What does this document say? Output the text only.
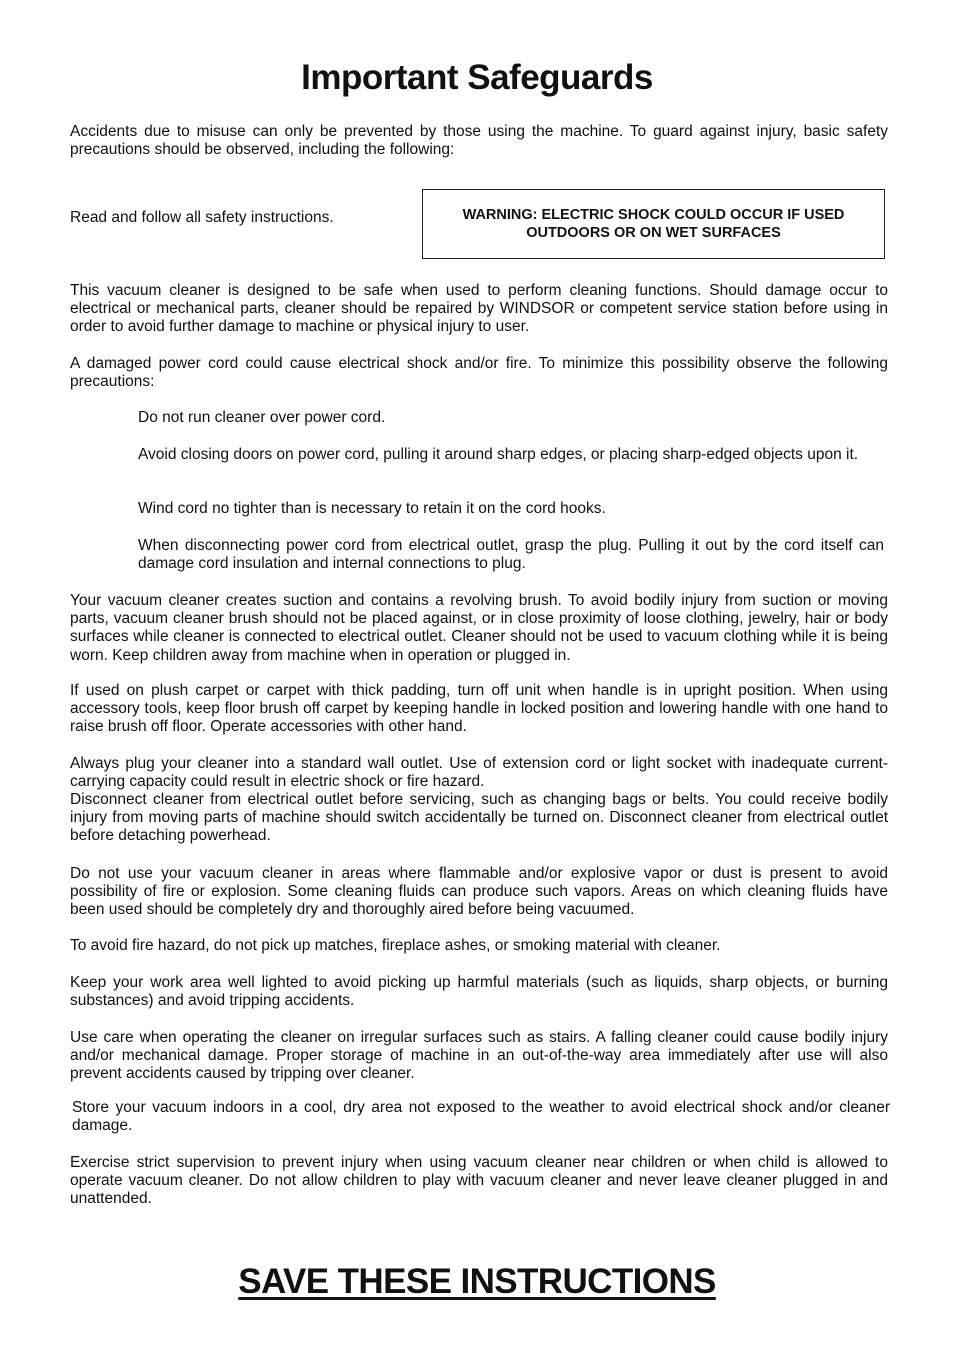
Important Safeguards

Accidents due to misuse can only be prevented by those using the machine. To guard against injury, basic safety precautions should be observed, including the following:

Read and follow all safety instructions.	WARNING: ELECTRIC SHOCK COULD OCCUR IF USED
OUTDOORS OR ON WET SURFACES

This vacuum cleaner is designed to be safe when used to perform cleaning functions. Should damage occur to electrical or mechanical parts, cleaner should be repaired by WINDSOR or competent service station before using in order to avoid further damage to machine or physical injury to user.

A damaged power cord could cause electrical shock and/or fire. To minimize this possibility observe the following precautions:

Do not run cleaner over power cord.

Avoid closing doors on power cord, pulling it around sharp edges, or placing sharp-edged objects upon it.

Wind cord no tighter than is necessary to retain it on the cord hooks.

When disconnecting power cord from electrical outlet, grasp the plug. Pulling it out by the cord itself can damage cord insulation and internal connections to plug.

Your vacuum cleaner creates suction and contains a revolving brush. To avoid bodily injury from suction or moving parts, vacuum cleaner brush should not be placed against, or in close proximity of loose clothing, jewelry, hair or body surfaces while cleaner is connected to electrical outlet. Cleaner should not be used to vacuum clothing while it is being worn. Keep children away from machine when in operation or plugged in.

If used on plush carpet or carpet with thick padding, turn off unit when handle is in upright position. When using accessory tools, keep floor brush off carpet by keeping handle in locked position and lowering handle with one hand to raise brush off floor. Operate accessories with other hand.

Always plug your cleaner into a standard wall outlet. Use of extension cord or light socket with inadequate current-carrying capacity could result in electric shock or fire hazard.

Disconnect cleaner from electrical outlet before servicing, such as changing bags or belts. You could receive bodily injury from moving parts of machine should switch accidentally be turned on. Disconnect cleaner from electrical outlet before detaching powerhead.

Do not use your vacuum cleaner in areas where flammable and/or explosive vapor or dust is present to avoid possibility of fire or explosion. Some cleaning fluids can produce such vapors. Areas on which cleaning fluids have been used should be completely dry and thoroughly aired before being vacuumed.

To avoid fire hazard, do not pick up matches, fireplace ashes, or smoking material with cleaner.

Keep your work area well lighted to avoid picking up harmful materials (such as liquids, sharp objects, or burning substances) and avoid tripping accidents.

Use care when operating the cleaner on irregular surfaces such as stairs. A falling cleaner could cause bodily injury and/or mechanical damage. Proper storage of machine in an out-of-the-way area immediately after use will also prevent accidents caused by tripping over cleaner.

Store your vacuum indoors in a cool, dry area not exposed to the weather to avoid electrical shock and/or cleaner damage.

Exercise strict supervision to prevent injury when using vacuum cleaner near children or when child is allowed to operate vacuum cleaner. Do not allow children to play with vacuum cleaner and never leave cleaner plugged in and unattended.

SAVE THESE INSTRUCTIONS
